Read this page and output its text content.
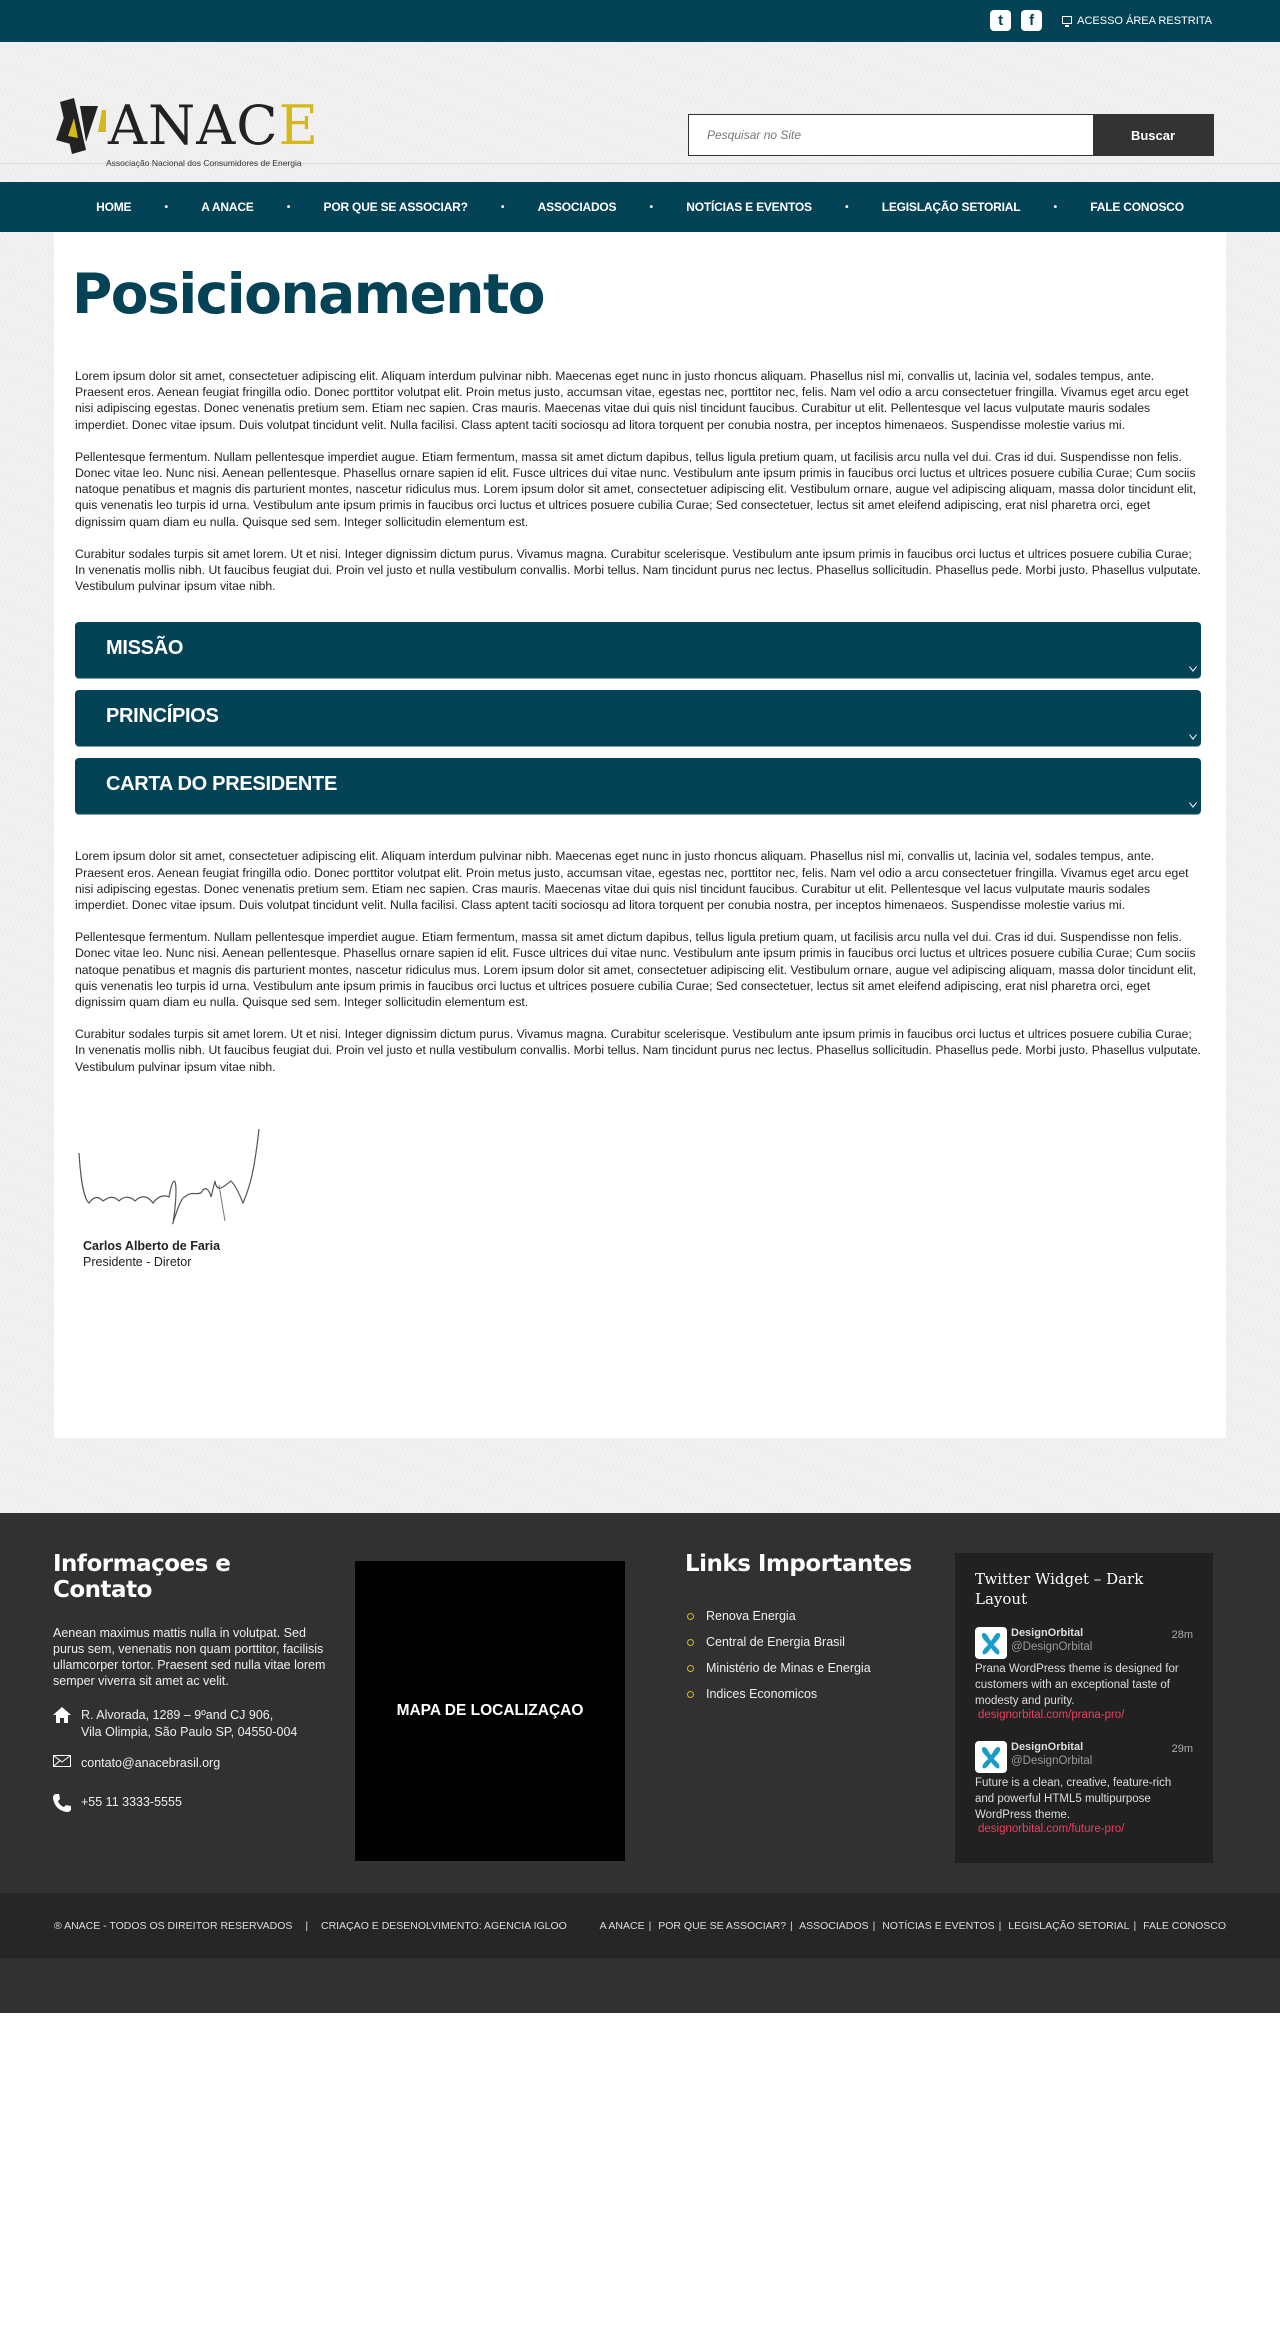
t	f	ACESSO ÁREA RESTRITA
ANACE
Associação Nacional dos Consumidores de Energia
Pesquisar no Site
Buscar
HOME	•	A ANACE	•	POR QUE SE ASSOCIAR?	•	ASSOCIADOS	•	NOTÍCIAS E EVENTOS	•	LEGISLAÇÃO SETORIAL	•	FALE CONOSCO
Posicionamento

Lorem ipsum dolor sit amet, consectetuer adipiscing elit. Aliquam interdum pulvinar nibh. Maecenas eget nunc in justo rhoncus aliquam. Phasellus nisl mi, convallis ut, lacinia vel, sodales tempus, ante. Praesent eros. Aenean feugiat fringilla odio. Donec porttitor volutpat elit. Proin metus justo, accumsan vitae, egestas nec, porttitor nec, felis. Nam vel odio a arcu consectetuer fringilla. Vivamus eget arcu eget nisi adipiscing egestas. Donec venenatis pretium sem. Etiam nec sapien. Cras mauris. Maecenas vitae dui quis nisl tincidunt faucibus. Curabitur ut elit. Pellentesque vel lacus vulputate mauris sodales imperdiet. Donec vitae ipsum. Duis volutpat tincidunt velit. Nulla facilisi. Class aptent taciti sociosqu ad litora torquent per conubia nostra, per inceptos himenaeos. Suspendisse molestie varius mi.

Pellentesque fermentum. Nullam pellentesque imperdiet augue. Etiam fermentum, massa sit amet dictum dapibus, tellus ligula pretium quam, ut facilisis arcu nulla vel dui. Cras id dui. Suspendisse non felis. Donec vitae leo. Nunc nisi. Aenean pellentesque. Phasellus ornare sapien id elit. Fusce ultrices dui vitae nunc. Vestibulum ante ipsum primis in faucibus orci luctus et ultrices posuere cubilia Curae; Cum sociis natoque penatibus et magnis dis parturient montes, nascetur ridiculus mus. Lorem ipsum dolor sit amet, consectetuer adipiscing elit. Vestibulum ornare, augue vel adipiscing aliquam, massa dolor tincidunt elit, quis venenatis leo turpis id urna. Vestibulum ante ipsum primis in faucibus orci luctus et ultrices posuere cubilia Curae; Sed consectetuer, lectus sit amet eleifend adipiscing, erat nisl pharetra orci, eget dignissim quam diam eu nulla. Quisque sed sem. Integer sollicitudin elementum est.

Curabitur sodales turpis sit amet lorem. Ut et nisi. Integer dignissim dictum purus. Vivamus magna. Curabitur scelerisque. Vestibulum ante ipsum primis in faucibus orci luctus et ultrices posuere cubilia Curae; In venenatis mollis nibh. Ut faucibus feugiat dui. Proin vel justo et nulla vestibulum convallis. Morbi tellus. Nam tincidunt purus nec lectus. Phasellus sollicitudin. Phasellus pede. Morbi justo. Phasellus vulputate. Vestibulum pulvinar ipsum vitae nibh.

MISSÃO
PRINCÍPIOS
CARTA DO PRESIDENTE

Lorem ipsum dolor sit amet, consectetuer adipiscing elit. Aliquam interdum pulvinar nibh. Maecenas eget nunc in justo rhoncus aliquam. Phasellus nisl mi, convallis ut, lacinia vel, sodales tempus, ante. Praesent eros. Aenean feugiat fringilla odio. Donec porttitor volutpat elit. Proin metus justo, accumsan vitae, egestas nec, porttitor nec, felis. Nam vel odio a arcu consectetuer fringilla. Vivamus eget arcu eget nisi adipiscing egestas. Donec venenatis pretium sem. Etiam nec sapien. Cras mauris. Maecenas vitae dui quis nisl tincidunt faucibus. Curabitur ut elit. Pellentesque vel lacus vulputate mauris sodales imperdiet. Donec vitae ipsum. Duis volutpat tincidunt velit. Nulla facilisi. Class aptent taciti sociosqu ad litora torquent per conubia nostra, per inceptos himenaeos. Suspendisse molestie varius mi.

Pellentesque fermentum. Nullam pellentesque imperdiet augue. Etiam fermentum, massa sit amet dictum dapibus, tellus ligula pretium quam, ut facilisis arcu nulla vel dui. Cras id dui. Suspendisse non felis. Donec vitae leo. Nunc nisi. Aenean pellentesque. Phasellus ornare sapien id elit. Fusce ultrices dui vitae nunc. Vestibulum ante ipsum primis in faucibus orci luctus et ultrices posuere cubilia Curae; Cum sociis natoque penatibus et magnis dis parturient montes, nascetur ridiculus mus. Lorem ipsum dolor sit amet, consectetuer adipiscing elit. Vestibulum ornare, augue vel adipiscing aliquam, massa dolor tincidunt elit, quis venenatis leo turpis id urna. Vestibulum ante ipsum primis in faucibus orci luctus et ultrices posuere cubilia Curae; Sed consectetuer, lectus sit amet eleifend adipiscing, erat nisl pharetra orci, eget dignissim quam diam eu nulla. Quisque sed sem. Integer sollicitudin elementum est.

Curabitur sodales turpis sit amet lorem. Ut et nisi. Integer dignissim dictum purus. Vivamus magna. Curabitur scelerisque. Vestibulum ante ipsum primis in faucibus orci luctus et ultrices posuere cubilia Curae; In venenatis mollis nibh. Ut faucibus feugiat dui. Proin vel justo et nulla vestibulum convallis. Morbi tellus. Nam tincidunt purus nec lectus. Phasellus sollicitudin. Phasellus pede. Morbi justo. Phasellus vulputate. Vestibulum pulvinar ipsum vitae nibh.

Carlos Alberto de Faria
Presidente - Diretor
Informaçoes e Contato

Aenean maximus mattis nulla in volutpat. Sed purus sem, venenatis non quam porttitor, facilisis ullamcorper tortor. Praesent sed nulla vitae lorem semper viverra sit amet ac velit.

R. Alvorada, 1289 – 9ºand CJ 906,
Vila Olimpia, São Paulo SP, 04550-004
contato@anacebrasil.org
+55 11 3333-5555
Links Importantes
Renova Energia
Central de Energia Brasil
Ministério de Minas e Energia
Indices Economicos
® ANACE - TODOS OS DIREITOR RESERVADOS | CRIAÇAO E DESENOLVIMENTO: AGENCIA IGLOO	A ANACE | POR QUE SE ASSOCIAR? | ASSOCIADOS | NOTÍCIAS E EVENTOS | LEGISLAÇÃO SETORIAL | FALE CONOSCO
MAPA DE LOCALIZAÇAO
Twitter Widget – Dark Layout
DesignOrbital
@DesignOrbital
28m
Prana WordPress theme is designed for customers with an exceptional taste of modesty and purity.
designorbital.com/prana-pro/
DesignOrbital
@DesignOrbital
29m
Future is a clean, creative, feature-rich and powerful HTML5 multipurpose WordPress theme.
designorbital.com/future-pro/
